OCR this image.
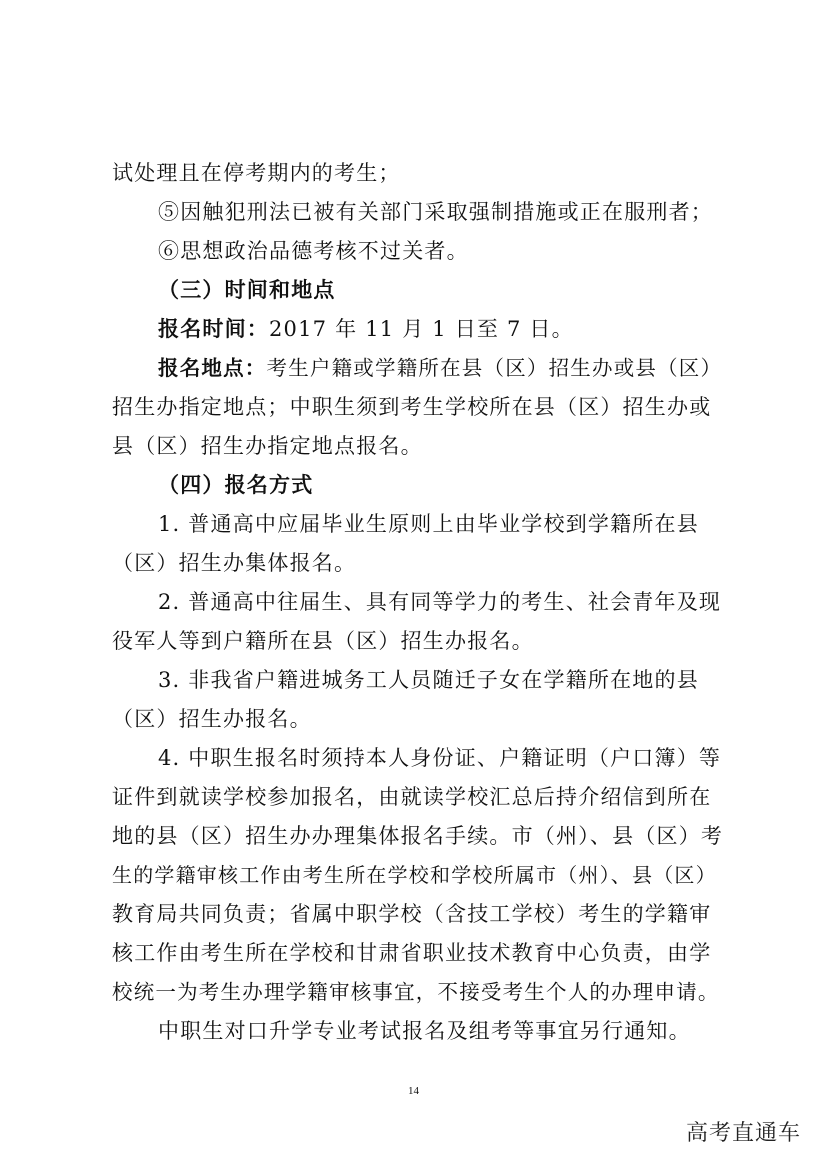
试处理且在停考期内的考生；
⑤因触犯刑法已被有关部门采取强制措施或正在服刑者；
⑥思想政治品德考核不过关者。
（三）时间和地点
报名时间：2017 年 11 月 1 日至 7 日。
报名地点：考生户籍或学籍所在县（区）招生办或县（区）
招生办指定地点；中职生须到考生学校所在县（区）招生办或
县（区）招生办指定地点报名。
（四）报名方式
1. 普通高中应届毕业生原则上由毕业学校到学籍所在县
（区）招生办集体报名。
2. 普通高中往届生、具有同等学力的考生、社会青年及现
役军人等到户籍所在县（区）招生办报名。
3. 非我省户籍进城务工人员随迁子女在学籍所在地的县
（区）招生办报名。
4. 中职生报名时须持本人身份证、户籍证明（户口簿）等
证件到就读学校参加报名，由就读学校汇总后持介绍信到所在
地的县（区）招生办办理集体报名手续。市（州）、县（区）考
生的学籍审核工作由考生所在学校和学校所属市（州）、县（区）
教育局共同负责；省属中职学校（含技工学校）考生的学籍审
核工作由考生所在学校和甘肃省职业技术教育中心负责，由学
校统一为考生办理学籍审核事宜，不接受考生个人的办理申请。
中职生对口升学专业考试报名及组考等事宜另行通知。
14
高考直通车
